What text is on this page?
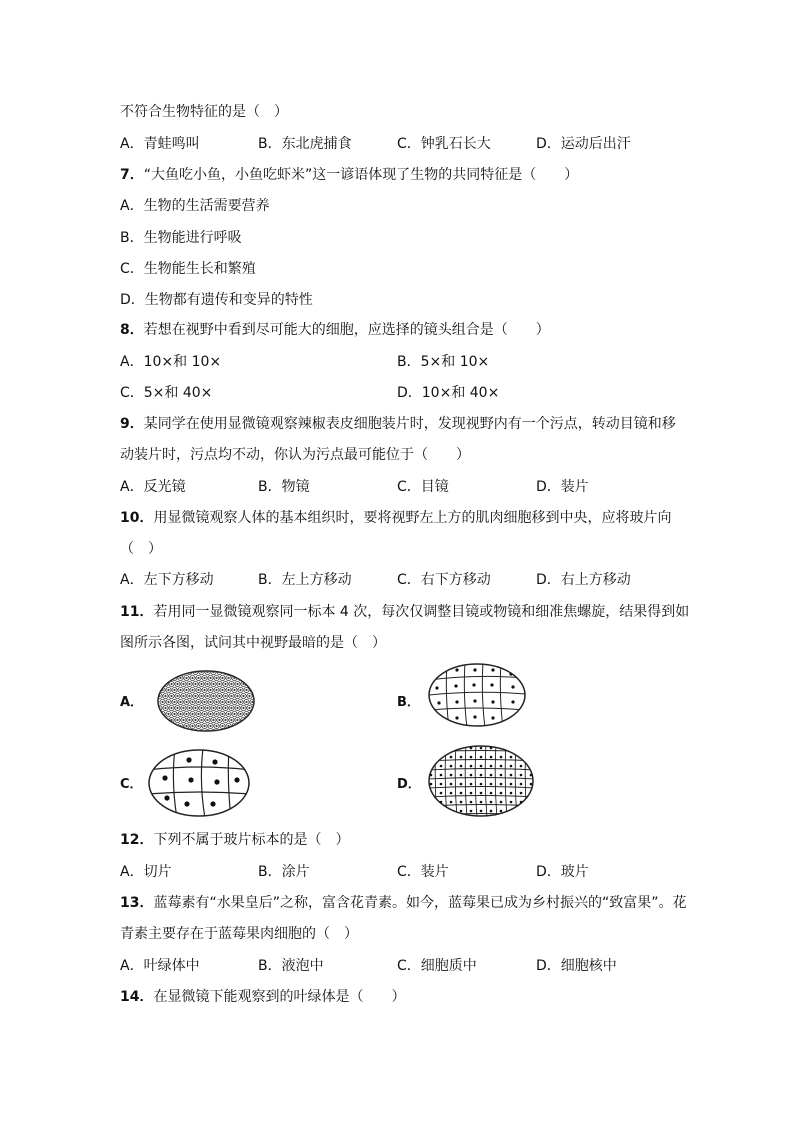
不符合生物特征的是（　）
A．青蛙鸣叫	B．东北虎捕食	C．钟乳石长大	D．运动后出汗
7．“大鱼吃小鱼，小鱼吃虾米”这一谚语体现了生物的共同特征是（　　）
A．生物的生活需要营养
B．生物能进行呼吸
C．生物能生长和繁殖
D．生物都有遗传和变异的特性
8．若想在视野中看到尽可能大的细胞，应选择的镜头组合是（　　）
A．10×和 10×	B．5×和 10×
C．5×和 40×	D．10×和 40×
9．某同学在使用显微镜观察辣椒表皮细胞装片时，发现视野内有一个污点，转动目镜和移
动装片时，污点均不动，你认为污点最可能位于（　　）
A．反光镜	B．物镜	C．目镜	D．装片
10．用显微镜观察人体的基本组织时，要将视野左上方的肌肉细胞移到中央，应将玻片向
（　）
A．左下方移动	B．左上方移动	C．右下方移动	D．右上方移动
11．若用同一显微镜观察同一标本 4 次，每次仅调整目镜或物镜和细准焦螺旋，结果得到如
图所示各图，试问其中视野最暗的是（　）
A．	B．
C．	D．
12．下列不属于玻片标本的是（　）
A．切片	B．涂片	C．装片	D．玻片
13．蓝莓素有“水果皇后”之称，富含花青素。如今，蓝莓果已成为乡村振兴的“致富果”。花
青素主要存在于蓝莓果肉细胞的（　）
A．叶绿体中	B．液泡中	C．细胞质中	D．细胞核中
14．在显微镜下能观察到的叶绿体是（　　）
